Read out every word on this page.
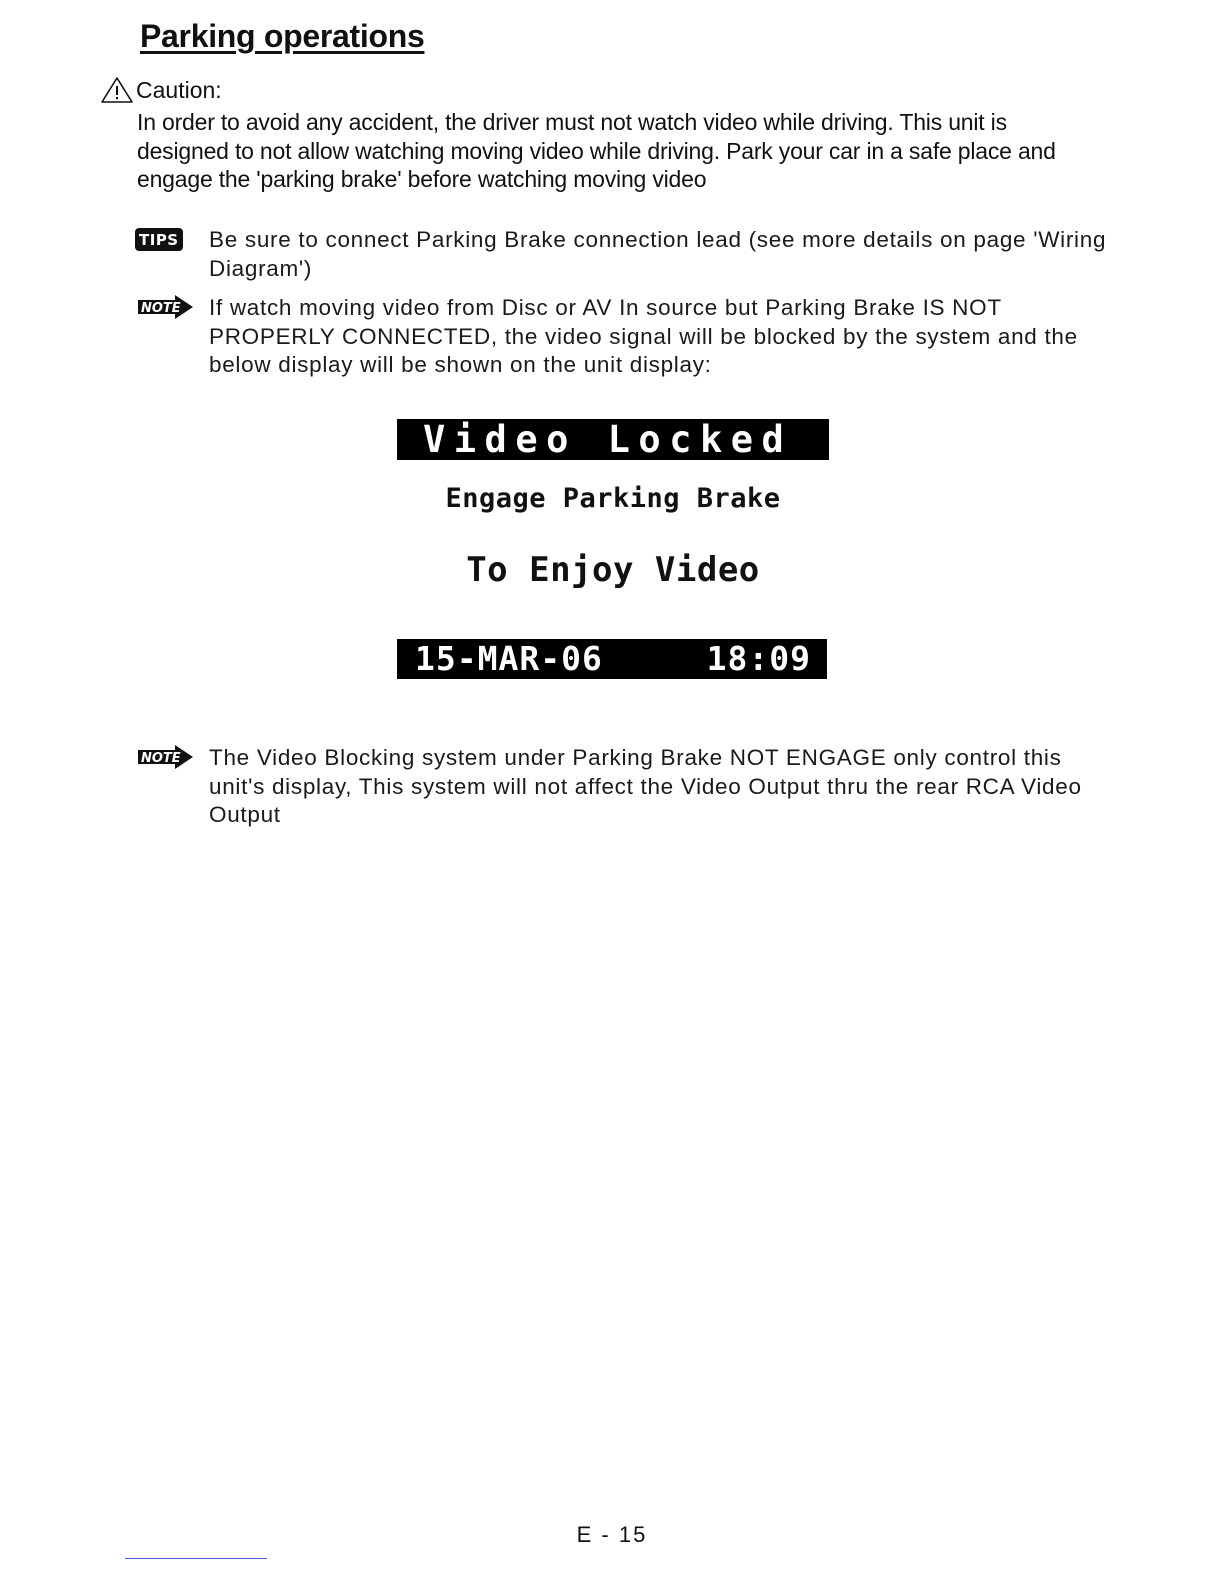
Parking operations
Caution:
In order to avoid any accident, the driver must not watch video while driving. This unit is designed to not allow watching moving video while driving. Park your car in a safe place and engage the 'parking brake' before watching moving video
TIPS	Be sure to connect Parking Brake connection lead (see more details on page 'Wiring Diagram')
NOTE If watch moving video from Disc or AV In source but Parking Brake IS NOT PROPERLY CONNECTED, the video signal will be blocked by the system and the below display will be shown on the unit display:
Video Locked
Engage Parking Brake
To Enjoy Video
15-MAR-06	18:09
NOTE The Video Blocking system under Parking Brake NOT ENGAGE only control this unit's display, This system will not affect the Video Output thru the rear RCA Video Output
E - 15
